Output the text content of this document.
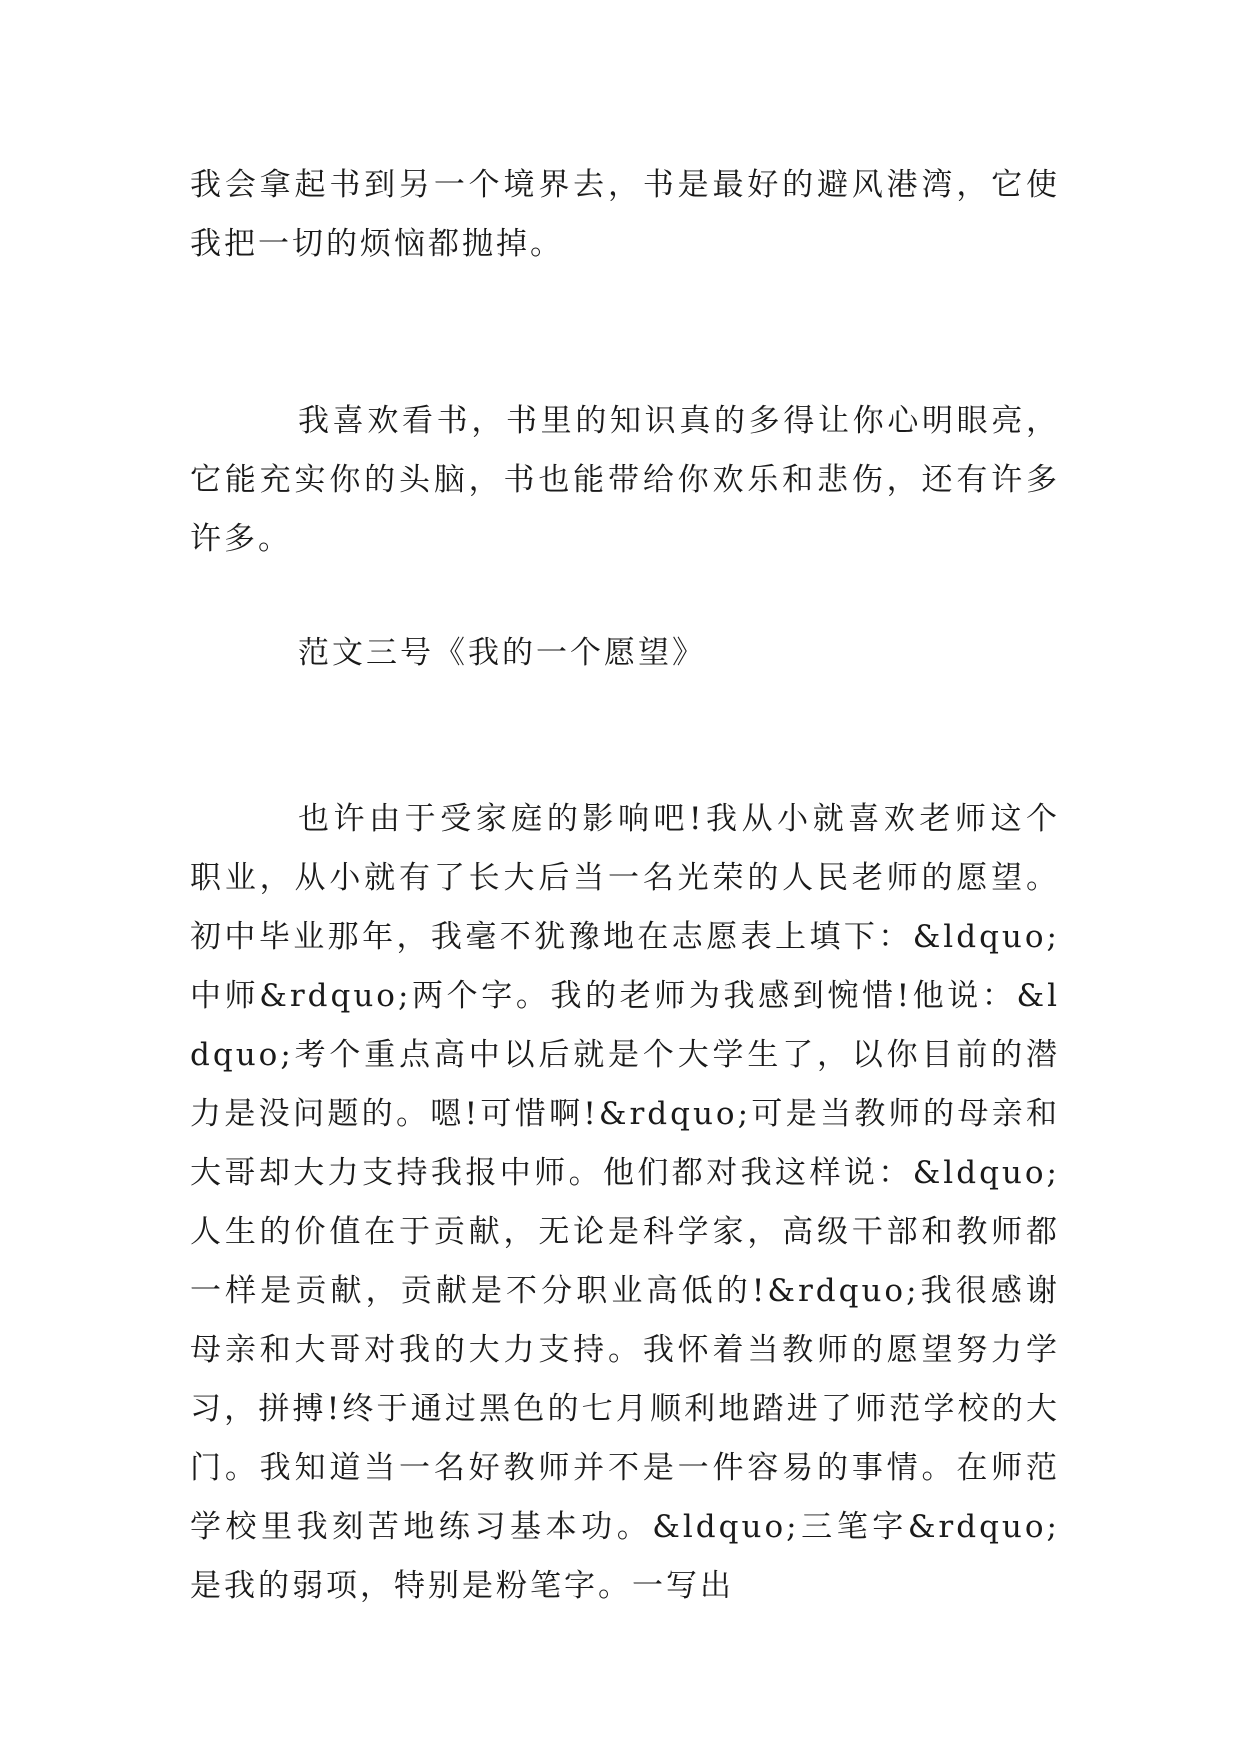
我会拿起书到另一个境界去，书是最好的避风港湾，它使我把一切的烦恼都抛掉。

我喜欢看书，书里的知识真的多得让你心明眼亮，它能充实你的头脑，书也能带给你欢乐和悲伤，还有许多许多。

范文三号《我的一个愿望》

也许由于受家庭的影响吧!我从小就喜欢老师这个职业，从小就有了长大后当一名光荣的人民老师的愿望。初中毕业那年，我毫不犹豫地在志愿表上填下：&ldquo;中师&rdquo;两个字。我的老师为我感到惋惜!他说：&ldquo;考个重点高中以后就是个大学生了，以你目前的潜力是没问题的。嗯!可惜啊!&rdquo;可是当教师的母亲和大哥却大力支持我报中师。他们都对我这样说：&ldquo;人生的价值在于贡献，无论是科学家，高级干部和教师都一样是贡献，贡献是不分职业高低的!&rdquo;我很感谢母亲和大哥对我的大力支持。我怀着当教师的愿望努力学习，拼搏!终于通过黑色的七月顺利地踏进了师范学校的大门。我知道当一名好教师并不是一件容易的事情。在师范学校里我刻苦地练习基本功。&ldquo;三笔字&rdquo;是我的弱项，特别是粉笔字。一写出
